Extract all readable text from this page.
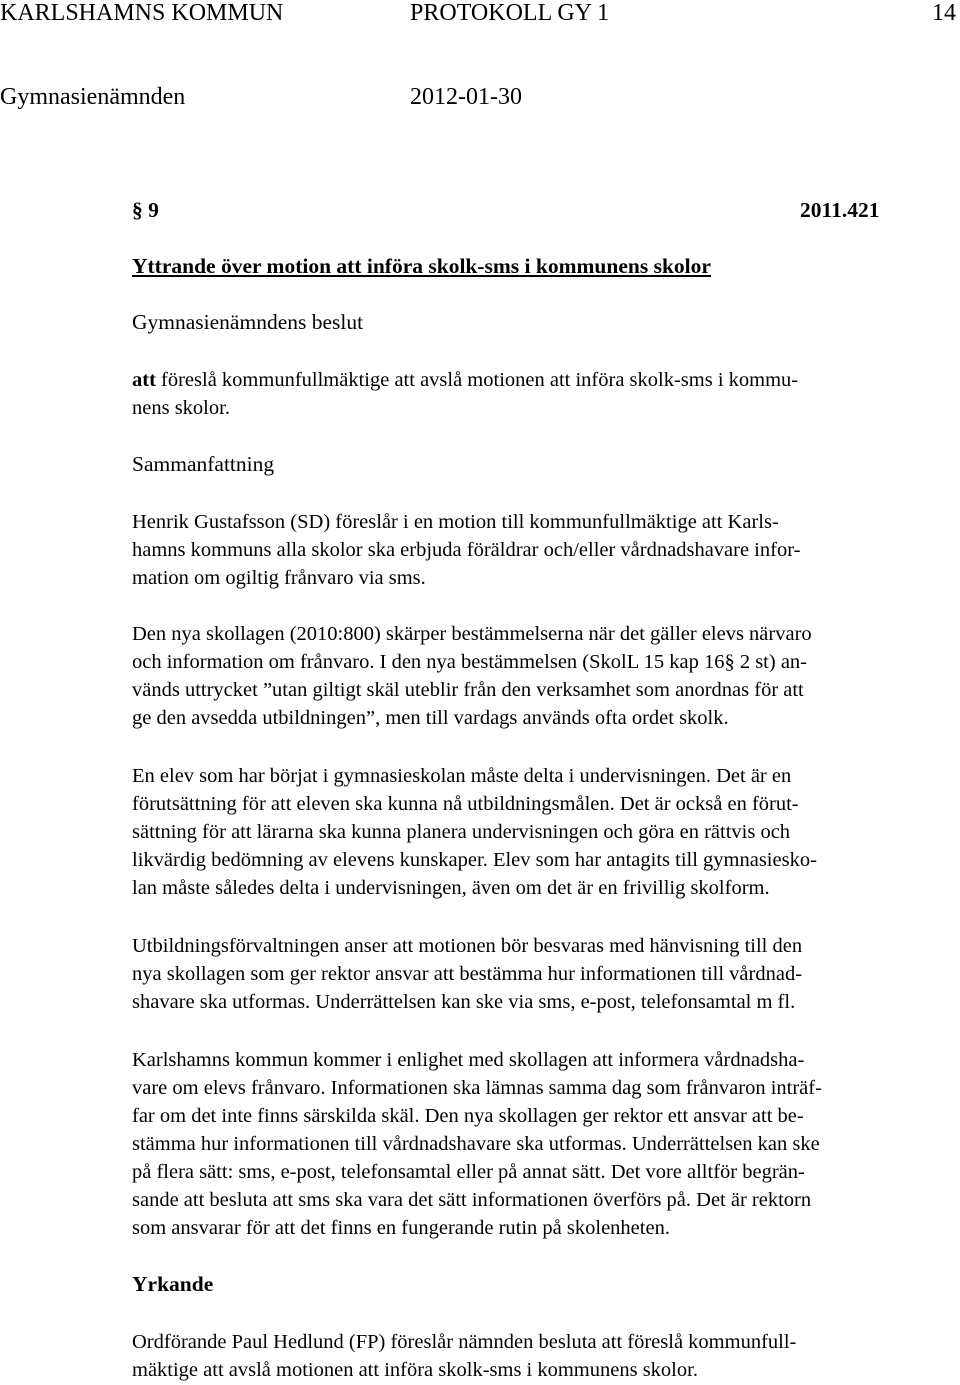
KARLSHAMNS KOMMUN	PROTOKOLL GY 1	14
Gymnasienämnden	2012-01-30
§ 9	2011.421
Yttrande över motion att införa skolk-sms i kommunens skolor
Gymnasienämndens beslut
att föreslå kommunfullmäktige att avslå motionen att införa skolk-sms i kommu-
nens skolor.
Sammanfattning
Henrik Gustafsson (SD) föreslår i en motion till kommunfullmäktige att Karls-
hamns kommuns alla skolor ska erbjuda föräldrar och/eller vårdnadshavare infor-
mation om ogiltig frånvaro via sms.
Den nya skollagen (2010:800) skärper bestämmelserna när det gäller elevs närvaro
och information om frånvaro. I den nya bestämmelsen (SkolL 15 kap 16§ 2 st) an-
vänds uttrycket ”utan giltigt skäl uteblir från den verksamhet som anordnas för att
ge den avsedda utbildningen”, men till vardags används ofta ordet skolk.
En elev som har börjat i gymnasieskolan måste delta i undervisningen. Det är en
förutsättning för att eleven ska kunna nå utbildningsmålen. Det är också en förut-
sättning för att lärarna ska kunna planera undervisningen och göra en rättvis och
likvärdig bedömning av elevens kunskaper. Elev som har antagits till gymnasiesko-
lan måste således delta i undervisningen, även om det är en frivillig skolform.
Utbildningsförvaltningen anser att motionen bör besvaras med hänvisning till den
nya skollagen som ger rektor ansvar att bestämma hur informationen till vårdnad-
shavare ska utformas. Underrättelsen kan ske via sms, e-post, telefonsamtal m fl.
Karlshamns kommun kommer i enlighet med skollagen att informera vårdnadsha-
vare om elevs frånvaro. Informationen ska lämnas samma dag som frånvaron inträf-
far om det inte finns särskilda skäl. Den nya skollagen ger rektor ett ansvar att be-
stämma hur informationen till vårdnadshavare ska utformas. Underrättelsen kan ske
på flera sätt: sms, e-post, telefonsamtal eller på annat sätt. Det vore alltför begrän-
sande att besluta att sms ska vara det sätt informationen överförs på. Det är rektorn
som ansvarar för att det finns en fungerande rutin på skolenheten.
Yrkande
Ordförande Paul Hedlund (FP) föreslår nämnden besluta att föreslå kommunfull-
mäktige att avslå motionen att införa skolk-sms i kommunens skolor.
